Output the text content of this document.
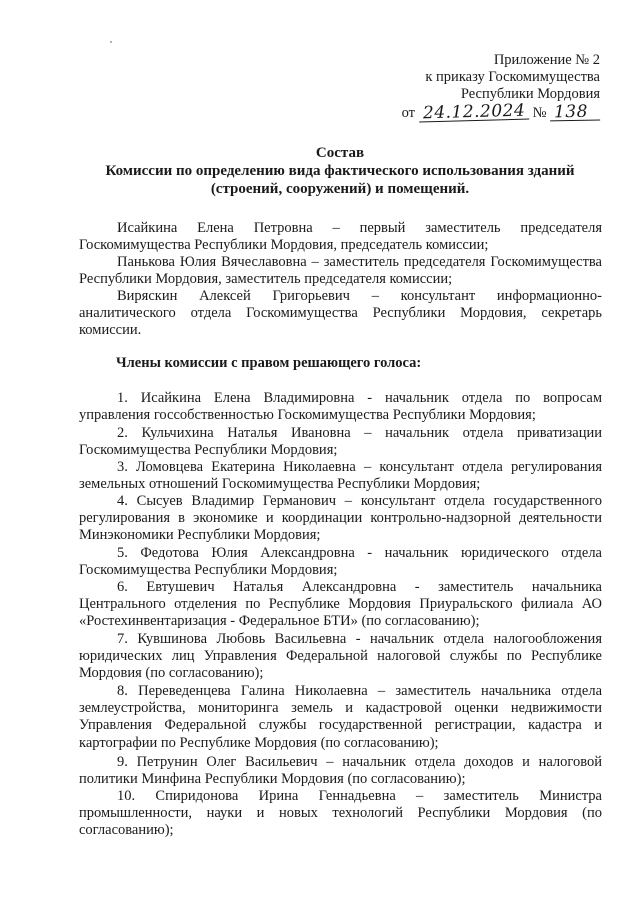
Приложение № 2
к приказу Госкомимущества
Республики Мордовия
от 24.12.2024 № 138
Состав
Комиссии по определению вида фактического использования зданий
(строений, сооружений) и помещений.
Исайкина Елена Петровна – первый заместитель председателя Госкомимущества Республики Мордовия, председатель комиссии;
Панькова Юлия Вячеславовна – заместитель председателя Госкомимущества Республики Мордовия, заместитель председателя комиссии;
Виряскин Алексей Григорьевич – консультант информационно-аналитического отдела Госкомимущества Республики Мордовия, секретарь комиссии.
Члены комиссии с правом решающего голоса:
1. Исайкина Елена Владимировна - начальник отдела по вопросам управления госсобственностью Госкомимущества Республики Мордовия;
2. Кульчихина Наталья Ивановна – начальник отдела приватизации Госкомимущества Республики Мордовия;
3. Ломовцева Екатерина Николаевна – консультант отдела регулирования земельных отношений Госкомимущества Республики Мордовия;
4. Сысуев Владимир Германович – консультант отдела государственного регулирования в экономике и координации контрольно-надзорной деятельности Минэкономики Республики Мордовия;
5. Федотова Юлия Александровна - начальник юридического отдела Госкомимущества Республики Мордовия;
6. Евтушевич Наталья Александровна - заместитель начальника Центрального отделения по Республике Мордовия Приуральского филиала АО «Ростехинвентаризация - Федеральное БТИ» (по согласованию);
7. Кувшинова Любовь Васильевна - начальник отдела налогообложения юридических лиц Управления Федеральной налоговой службы по Республике Мордовия (по согласованию);
8. Переведенцева Галина Николаевна – заместитель начальника отдела землеустройства, мониторинга земель и кадастровой оценки недвижимости Управления Федеральной службы государственной регистрации, кадастра и картографии по Республике Мордовия (по согласованию);
9. Петрунин Олег Васильевич – начальник отдела доходов и налоговой политики Минфина Республики Мордовия (по согласованию);
10. Спиридонова Ирина Геннадьевна – заместитель Министра промышленности, науки и новых технологий Республики Мордовия (по согласованию);
